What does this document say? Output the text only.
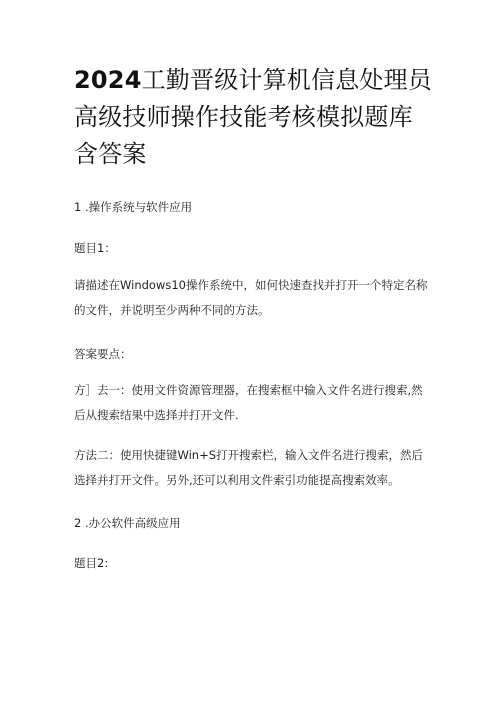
2024工勤晋级计算机信息处理员高级技师操作技能考核模拟题库含答案

1 .操作系统与软件应用

题目1：

请描述在Windows10操作系统中，如何快速查找并打开一个特定名称的文件，并说明至少两种不同的方法。

答案要点：

方］去一：使用文件资源管理器，在搜索框中输入文件名进行搜索,然后从搜索结果中选择并打开文件.

方法二：使用快捷键Win+S打开搜索栏，输入文件名进行搜索，然后选择并打开文件。另外,还可以利用文件索引功能提高搜索效率。

2 .办公软件高级应用

题目2:
